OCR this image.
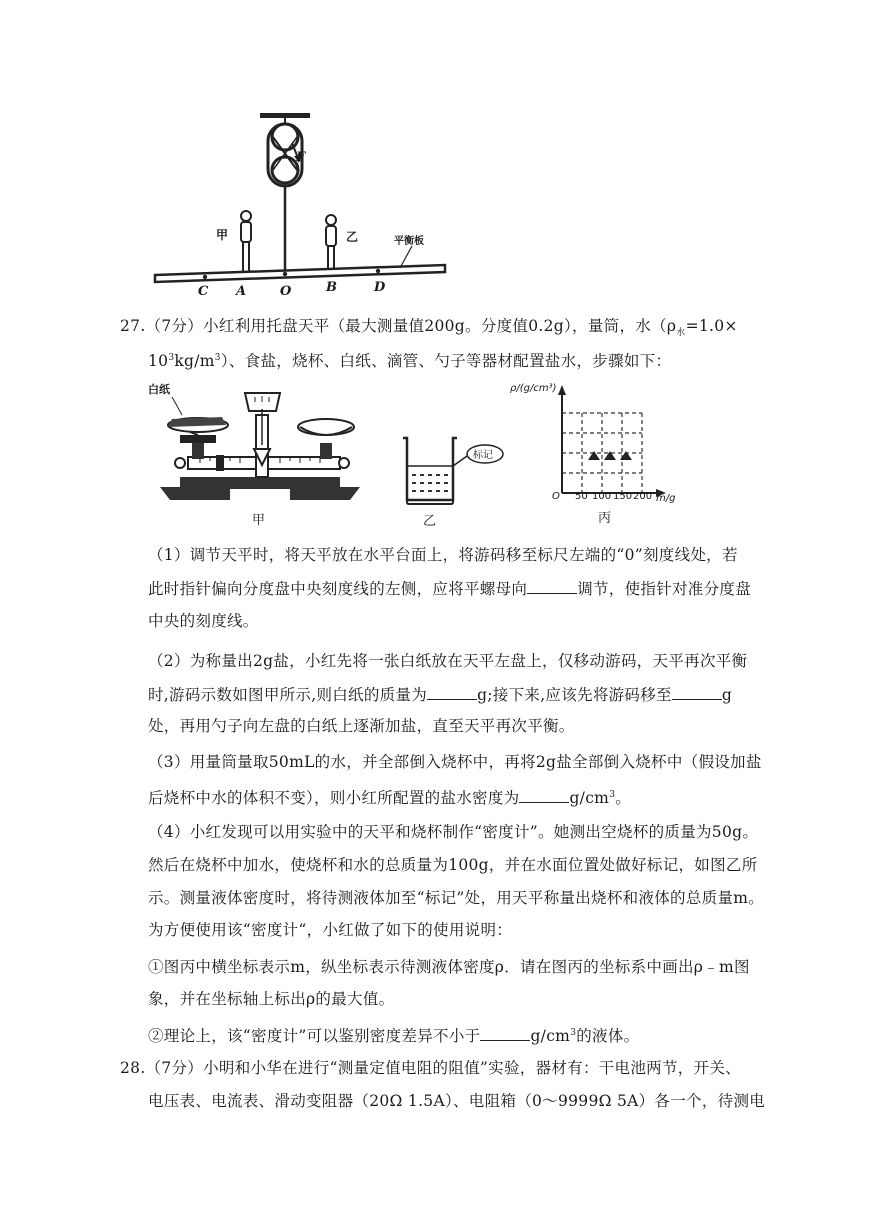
F
甲	乙	平衡板
C A	O	B	D
27.（7分）小红利用托盘天平（最大测量值200g。分度值0.2g），量筒，水（$\rho_水=1.0\times$
$10^3kg/m^3$）、食盐，烧杯、白纸、滴管、勺子等器材配置盐水，步骤如下：
白纸
甲
标记
乙
ρ/(g/cm³)
O 50 100 150 200 m/g
丙
（1）调节天平时，将天平放在水平台面上，将游码移至标尺左端的“0”刻度线处，若
此时指针偏向分度盘中央刻度线的左侧，应将平螺母向	调节，使指针对准分度盘
中央的刻度线。
（2）为称量出2g盐，小红先将一张白纸放在天平左盘上，仅移动游码，天平再次平衡
时,游码示数如图甲所示,则白纸的质量为	g;接下来,应该先将游码移至	g
处，再用勺子向左盘的白纸上逐渐加盐，直至天平再次平衡。
（3）用量筒量取50mL的水，并全部倒入烧杯中，再将2g盐全部倒入烧杯中（假设加盐
后烧杯中水的体积不变），则小红所配置的盐水密度为	$g/cm^3$。
（4）小红发现可以用实验中的天平和烧杯制作“密度计”。她测出空烧杯的质量为50g。
然后在烧杯中加水，使烧杯和水的总质量为100g，并在水面位置处做好标记，如图乙所
示。测量液体密度时，将待测液体加至“标记”处，用天平称量出烧杯和液体的总质量m。
为方便使用该“密度计“，小红做了如下的使用说明：
①图丙中横坐标表示m，纵坐标表示待测液体密度ρ．请在图丙的坐标系中画出ρ﹣m图
象，并在坐标轴上标出ρ的最大值。
②理论上，该“密度计”可以鉴别密度差异不小于	$g/cm^3$的液体。
28.（7分）小明和小华在进行“测量定值电阻的阻值”实验，器材有：干电池两节，开关、
电压表、电流表、滑动变阻器（20Ω 1.5A）、电阻箱（0～9999Ω 5A）各一个，待测电
